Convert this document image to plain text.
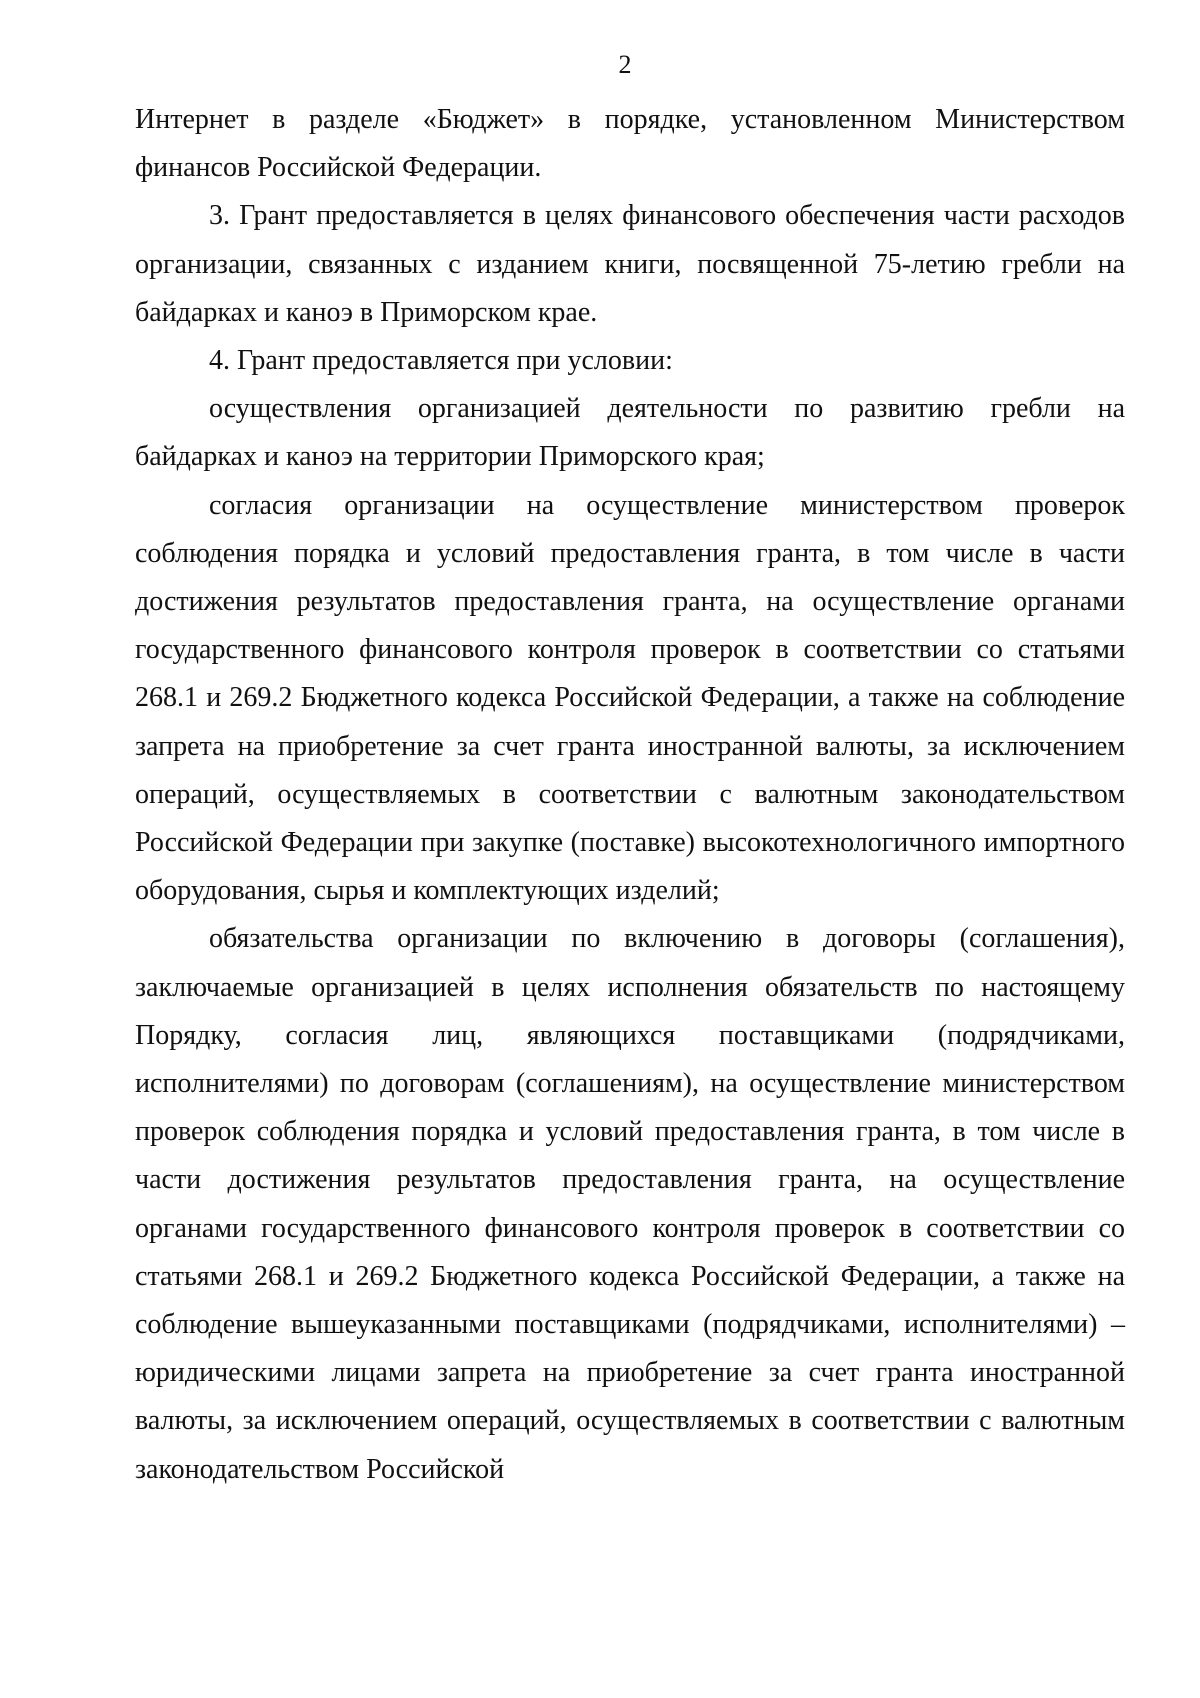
2

Интернет в разделе «Бюджет» в порядке, установленном Министерством финансов Российской Федерации.

3. Грант предоставляется в целях финансового обеспечения части расходов организации, связанных с изданием книги, посвященной 75-летию гребли на байдарках и каноэ в Приморском крае.

4. Грант предоставляется при условии:

осуществления организацией деятельности по развитию гребли на байдарках и каноэ на территории Приморского края;

согласия организации на осуществление министерством проверок соблюдения порядка и условий предоставления гранта, в том числе в части достижения результатов предоставления гранта, на осуществление органами государственного финансового контроля проверок в соответствии со статьями 268.1 и 269.2 Бюджетного кодекса Российской Федерации, а также на соблюдение запрета на приобретение за счет гранта иностранной валюты, за исключением операций, осуществляемых в соответствии с валютным законодательством Российской Федерации при закупке (поставке) высокотехнологичного импортного оборудования, сырья и комплектующих изделий;

обязательства организации по включению в договоры (соглашения), заключаемые организацией в целях исполнения обязательств по настоящему Порядку, согласия лиц, являющихся поставщиками (подрядчиками, исполнителями) по договорам (соглашениям), на осуществление министерством проверок соблюдения порядка и условий предоставления гранта, в том числе в части достижения результатов предоставления гранта, на осуществление органами государственного финансового контроля проверок в соответствии со статьями 268.1 и 269.2 Бюджетного кодекса Российской Федерации, а также на соблюдение вышеуказанными поставщиками (подрядчиками, исполнителями) – юридическими лицами запрета на приобретение за счет гранта иностранной валюты, за исключением операций, осуществляемых в соответствии с валютным законодательством Российской
